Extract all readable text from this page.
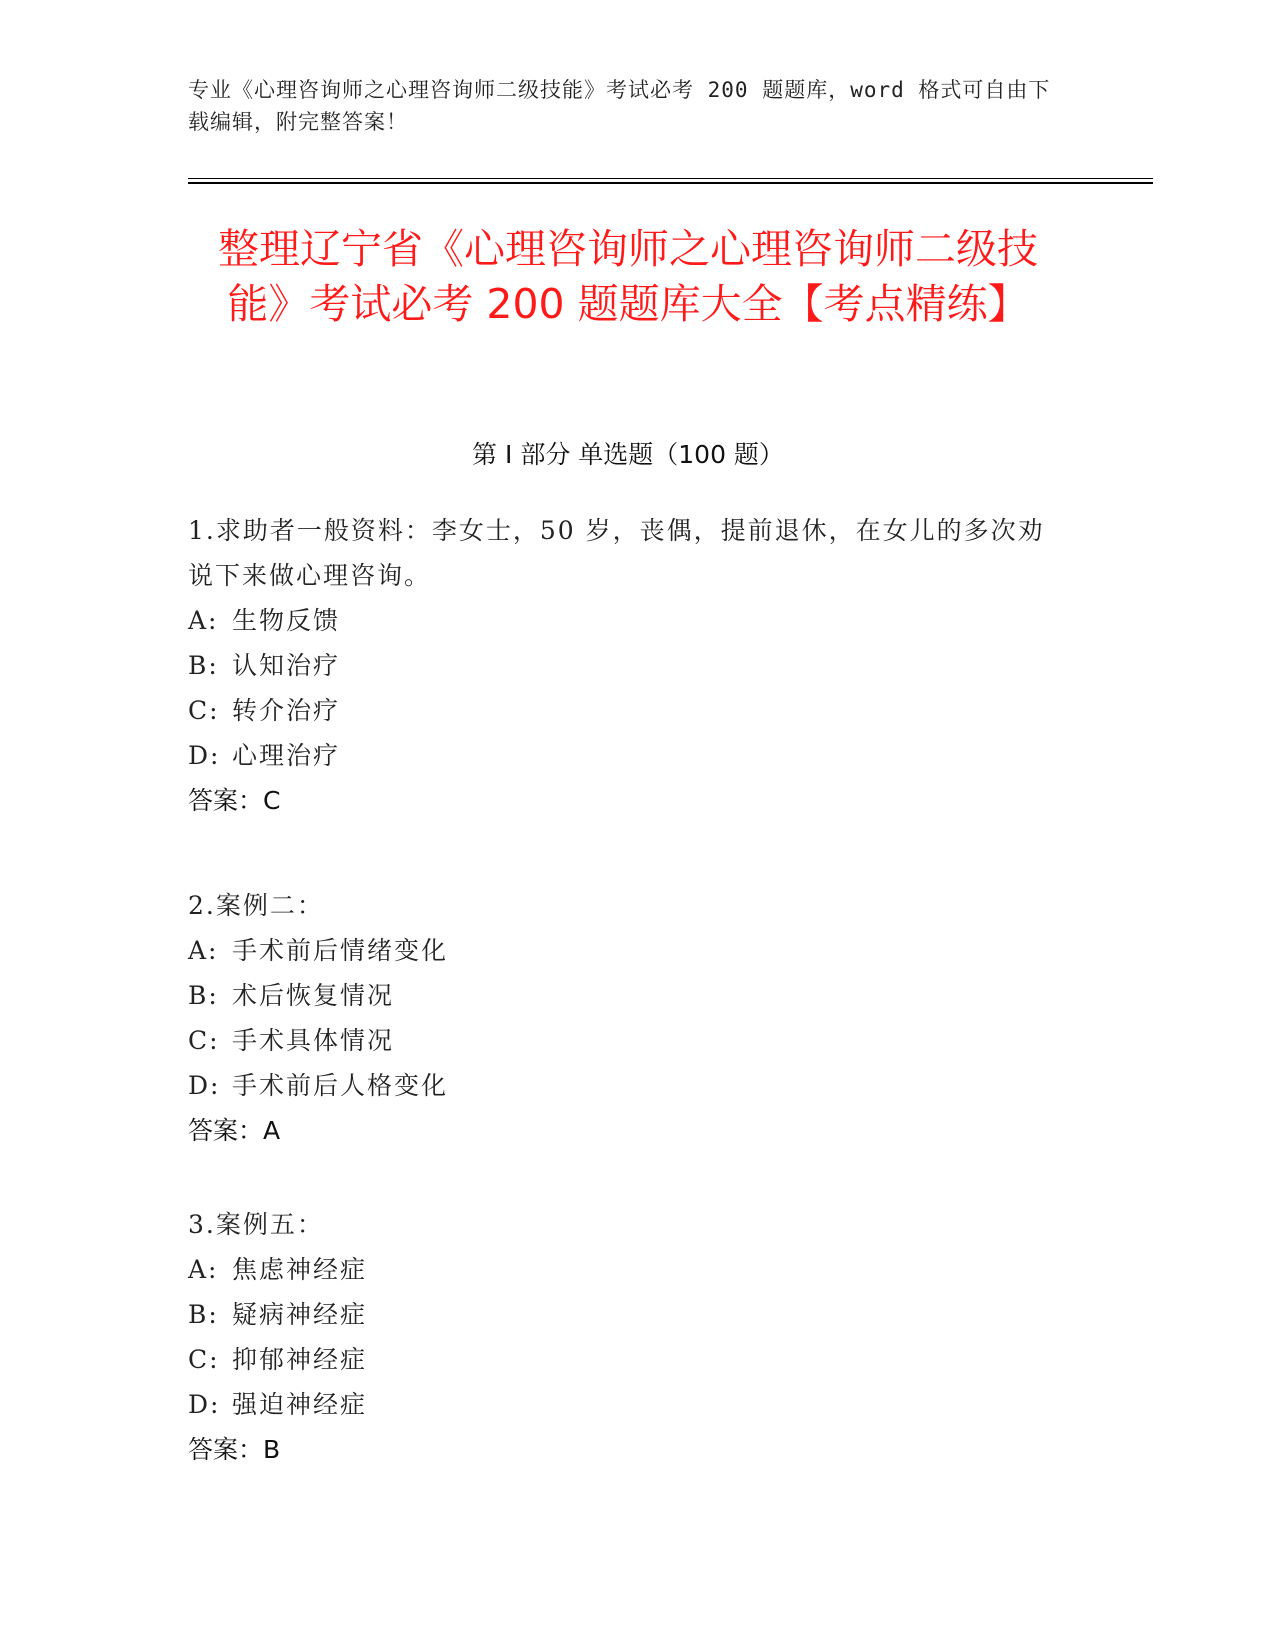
专业《心理咨询师之心理咨询师二级技能》考试必考 200 题题库，word 格式可自由下载编辑，附完整答案！

整理辽宁省《心理咨询师之心理咨询师二级技能》考试必考 200 题题库大全【考点精练】

第 I 部分 单选题（100 题）

1.求助者一般资料：李女士，50 岁，丧偶，提前退休，在女儿的多次劝说下来做心理咨询。

A: 生物反馈

B: 认知治疗

C: 转介治疗

D: 心理治疗

答案：C

2.案例二：

A: 手术前后情绪变化

B: 术后恢复情况

C: 手术具体情况

D: 手术前后人格变化

答案：A

3.案例五：

A: 焦虑神经症

B: 疑病神经症

C: 抑郁神经症

D: 强迫神经症

答案：B
